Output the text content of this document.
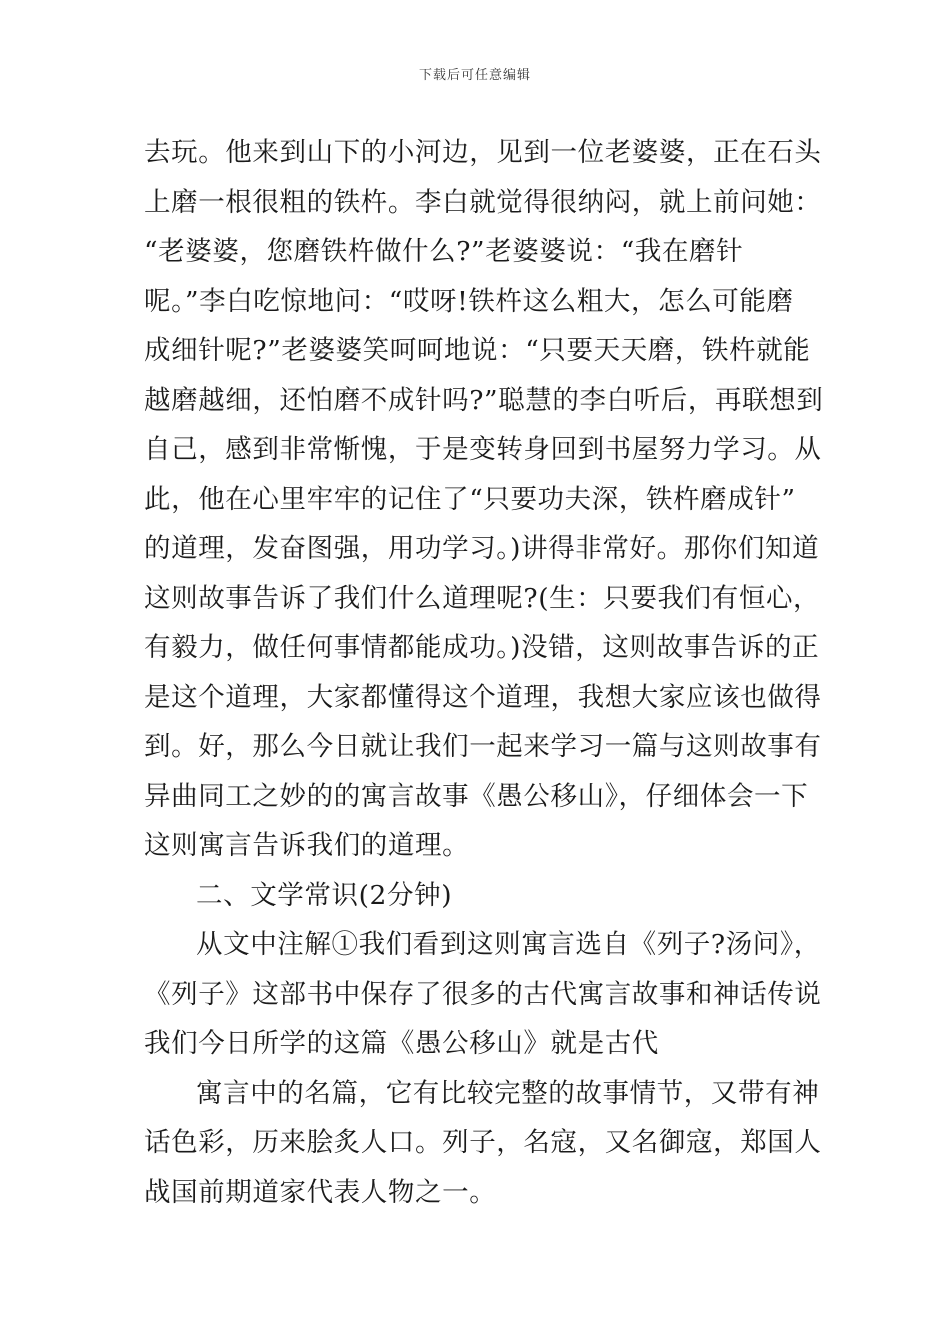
下载后可任意编辑
去玩。他来到山下的小河边，见到一位老婆婆，正在石头
上磨一根很粗的铁杵。李白就觉得很纳闷，就上前问她：
“老婆婆，您磨铁杵做什么?”老婆婆说：“我在磨针
呢。”李白吃惊地问：“哎呀!铁杵这么粗大，怎么可能磨
成细针呢?”老婆婆笑呵呵地说：“只要天天磨，铁杵就能
越磨越细，还怕磨不成针吗?”聪慧的李白听后，再联想到
自己，感到非常惭愧，于是变转身回到书屋努力学习。从
此，他在心里牢牢的记住了“只要功夫深，铁杵磨成针”
的道理，发奋图强，用功学习。)讲得非常好。那你们知道
这则故事告诉了我们什么道理呢?(生：只要我们有恒心，
有毅力，做任何事情都能成功。)没错，这则故事告诉的正
是这个道理，大家都懂得这个道理，我想大家应该也做得
到。好，那么今日就让我们一起来学习一篇与这则故事有
异曲同工之妙的的寓言故事《愚公移山》，仔细体会一下
这则寓言告诉我们的道理。
二、文学常识(2分钟)
从文中注解①我们看到这则寓言选自《列子?汤问》，
《列子》这部书中保存了很多的古代寓言故事和神话传说
我们今日所学的这篇《愚公移山》就是古代
寓言中的名篇，它有比较完整的故事情节，又带有神
话色彩，历来脍炙人口。列子，名寇，又名御寇，郑国人
战国前期道家代表人物之一。
